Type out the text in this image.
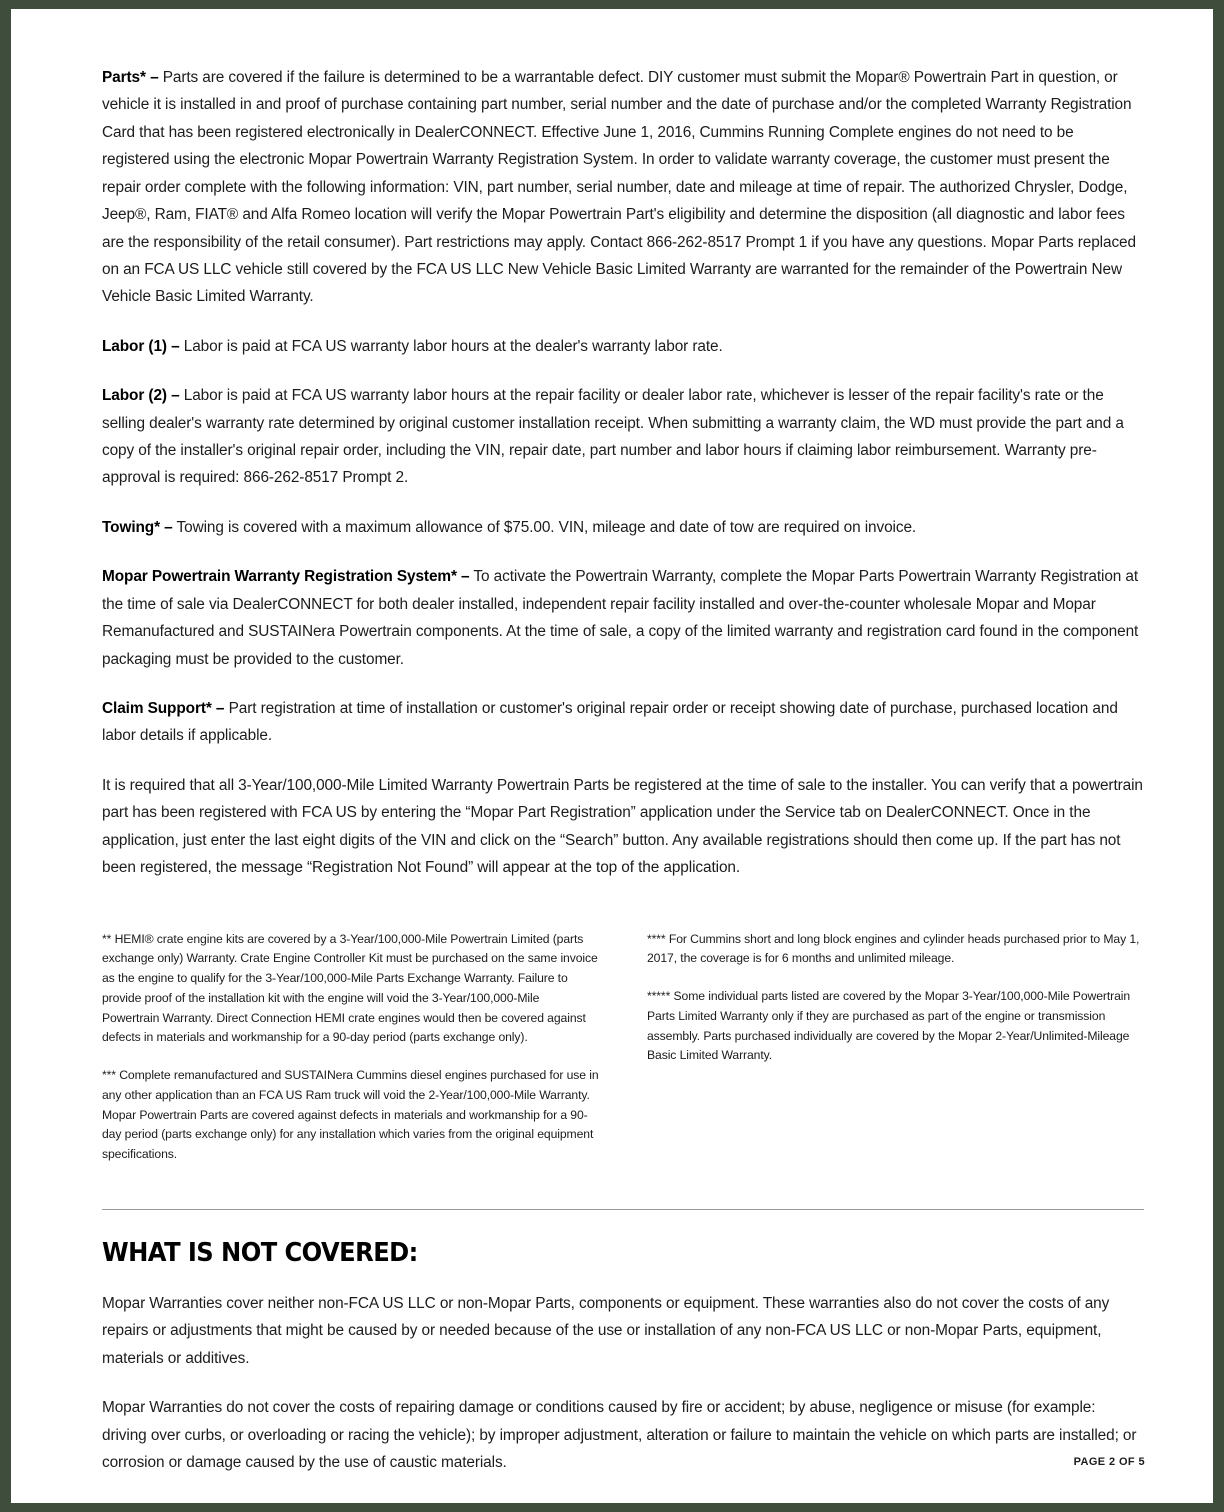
Parts* – Parts are covered if the failure is determined to be a warrantable defect. DIY customer must submit the Mopar® Powertrain Part in question, or vehicle it is installed in and proof of purchase containing part number, serial number and the date of purchase and/or the completed Warranty Registration Card that has been registered electronically in DealerCONNECT. Effective June 1, 2016, Cummins Running Complete engines do not need to be registered using the electronic Mopar Powertrain Warranty Registration System. In order to validate warranty coverage, the customer must present the repair order complete with the following information: VIN, part number, serial number, date and mileage at time of repair. The authorized Chrysler, Dodge, Jeep®, Ram, FIAT® and Alfa Romeo location will verify the Mopar Powertrain Part's eligibility and determine the disposition (all diagnostic and labor fees are the responsibility of the retail consumer). Part restrictions may apply. Contact 866-262-8517 Prompt 1 if you have any questions. Mopar Parts replaced on an FCA US LLC vehicle still covered by the FCA US LLC New Vehicle Basic Limited Warranty are warranted for the remainder of the Powertrain New Vehicle Basic Limited Warranty.

Labor (1) – Labor is paid at FCA US warranty labor hours at the dealer's warranty labor rate.

Labor (2) – Labor is paid at FCA US warranty labor hours at the repair facility or dealer labor rate, whichever is lesser of the repair facility's rate or the selling dealer's warranty rate determined by original customer installation receipt. When submitting a warranty claim, the WD must provide the part and a copy of the installer's original repair order, including the VIN, repair date, part number and labor hours if claiming labor reimbursement. Warranty pre-approval is required: 866-262-8517 Prompt 2.

Towing* – Towing is covered with a maximum allowance of $75.00. VIN, mileage and date of tow are required on invoice.

Mopar Powertrain Warranty Registration System* – To activate the Powertrain Warranty, complete the Mopar Parts Powertrain Warranty Registration at the time of sale via DealerCONNECT for both dealer installed, independent repair facility installed and over-the-counter wholesale Mopar and Mopar Remanufactured and SUSTAINera Powertrain components. At the time of sale, a copy of the limited warranty and registration card found in the component packaging must be provided to the customer.

Claim Support* – Part registration at time of installation or customer's original repair order or receipt showing date of purchase, purchased location and labor details if applicable.

It is required that all 3-Year/100,000-Mile Limited Warranty Powertrain Parts be registered at the time of sale to the installer. You can verify that a powertrain part has been registered with FCA US by entering the “Mopar Part Registration” application under the Service tab on DealerCONNECT. Once in the application, just enter the last eight digits of the VIN and click on the “Search” button. Any available registrations should then come up. If the part has not been registered, the message “Registration Not Found” will appear at the top of the application.

** HEMI® crate engine kits are covered by a 3-Year/100,000-Mile Powertrain Limited (parts exchange only) Warranty. Crate Engine Controller Kit must be purchased on the same invoice as the engine to qualify for the 3-Year/100,000-Mile Parts Exchange Warranty. Failure to provide proof of the installation kit with the engine will void the 3-Year/100,000-Mile Powertrain Warranty. Direct Connection HEMI crate engines would then be covered against defects in materials and workmanship for a 90-day period (parts exchange only).

*** Complete remanufactured and SUSTAINera Cummins diesel engines purchased for use in any other application than an FCA US Ram truck will void the 2-Year/100,000-Mile Warranty. Mopar Powertrain Parts are covered against defects in materials and workmanship for a 90-day period (parts exchange only) for any installation which varies from the original equipment specifications.

**** For Cummins short and long block engines and cylinder heads purchased prior to May 1, 2017, the coverage is for 6 months and unlimited mileage.

***** Some individual parts listed are covered by the Mopar 3-Year/100,000-Mile Powertrain Parts Limited Warranty only if they are purchased as part of the engine or transmission assembly. Parts purchased individually are covered by the Mopar 2-Year/Unlimited-Mileage Basic Limited Warranty.

WHAT IS NOT COVERED:

Mopar Warranties cover neither non-FCA US LLC or non-Mopar Parts, components or equipment. These warranties also do not cover the costs of any repairs or adjustments that might be caused by or needed because of the use or installation of any non-FCA US LLC or non-Mopar Parts, equipment, materials or additives.

Mopar Warranties do not cover the costs of repairing damage or conditions caused by fire or accident; by abuse, negligence or misuse (for example: driving over curbs, or overloading or racing the vehicle); by improper adjustment, alteration or failure to maintain the vehicle on which parts are installed; or corrosion or damage caused by the use of caustic materials.	PAGE 2 OF 5
